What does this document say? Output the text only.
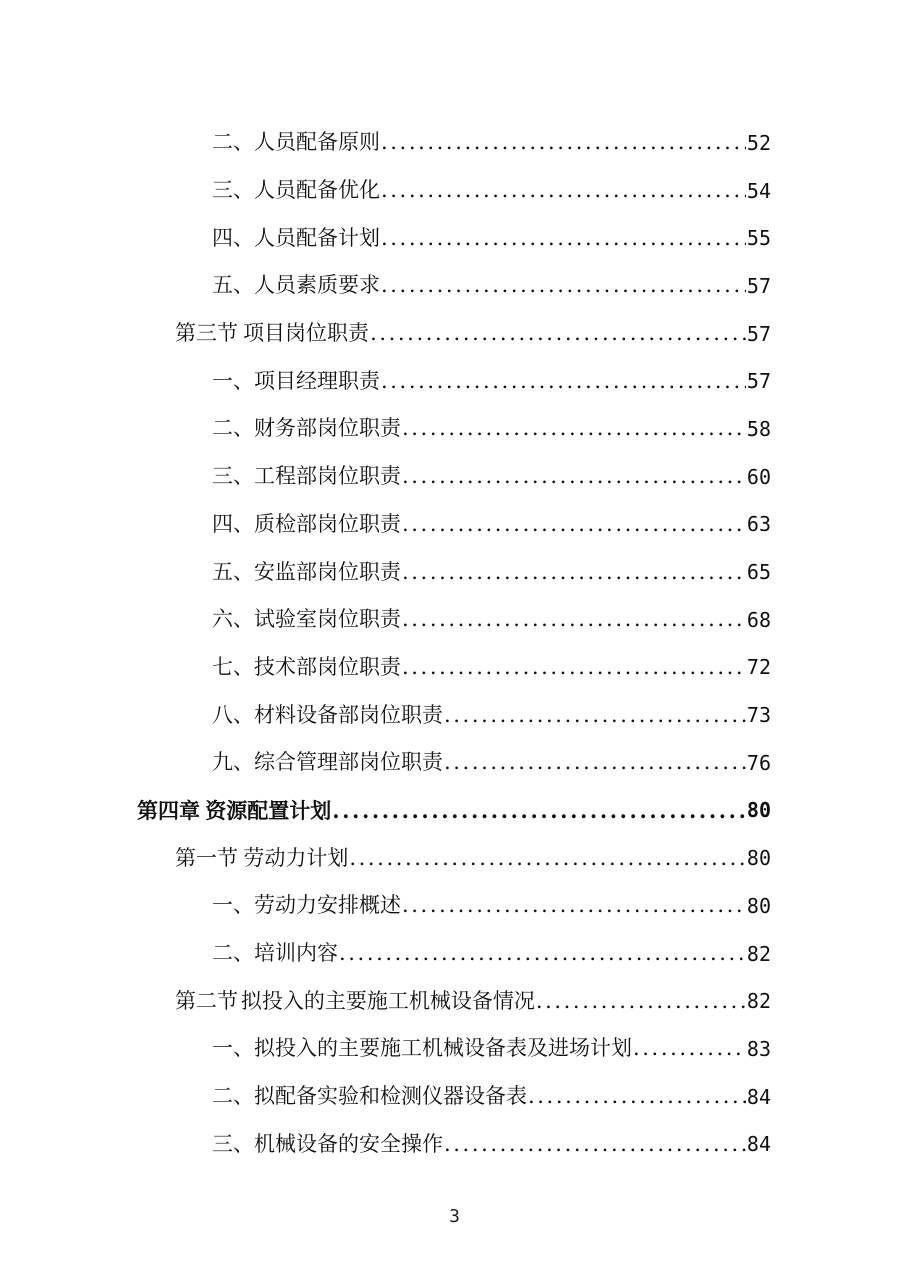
二、人员配备原则 .....	52
三、人员配备优化 .....	54
四、人员配备计划 .....	55
五、人员素质要求 .....	57
第三节 项目岗位职责 .....	57
一、项目经理职责 .....	57
二、财务部岗位职责 .....	58
三、工程部岗位职责 .....	60
四、质检部岗位职责 .....	63
五、安监部岗位职责 .....	65
六、试验室岗位职责 .....	68
七、技术部岗位职责 .....	72
八、材料设备部岗位职责 .....	73
九、综合管理部岗位职责 .....	76
第四章 资源配置计划 .....	80
第一节 劳动力计划 .....	80
一、劳动力安排概述 .....	80
二、培训内容 .....	82
第二节 拟投入的主要施工机械设备情况 .....	82
一、拟投入的主要施工机械设备表及进场计划 .....	83
二、拟配备实验和检测仪器设备表 .....	84
三、机械设备的安全操作 .....	84
3
